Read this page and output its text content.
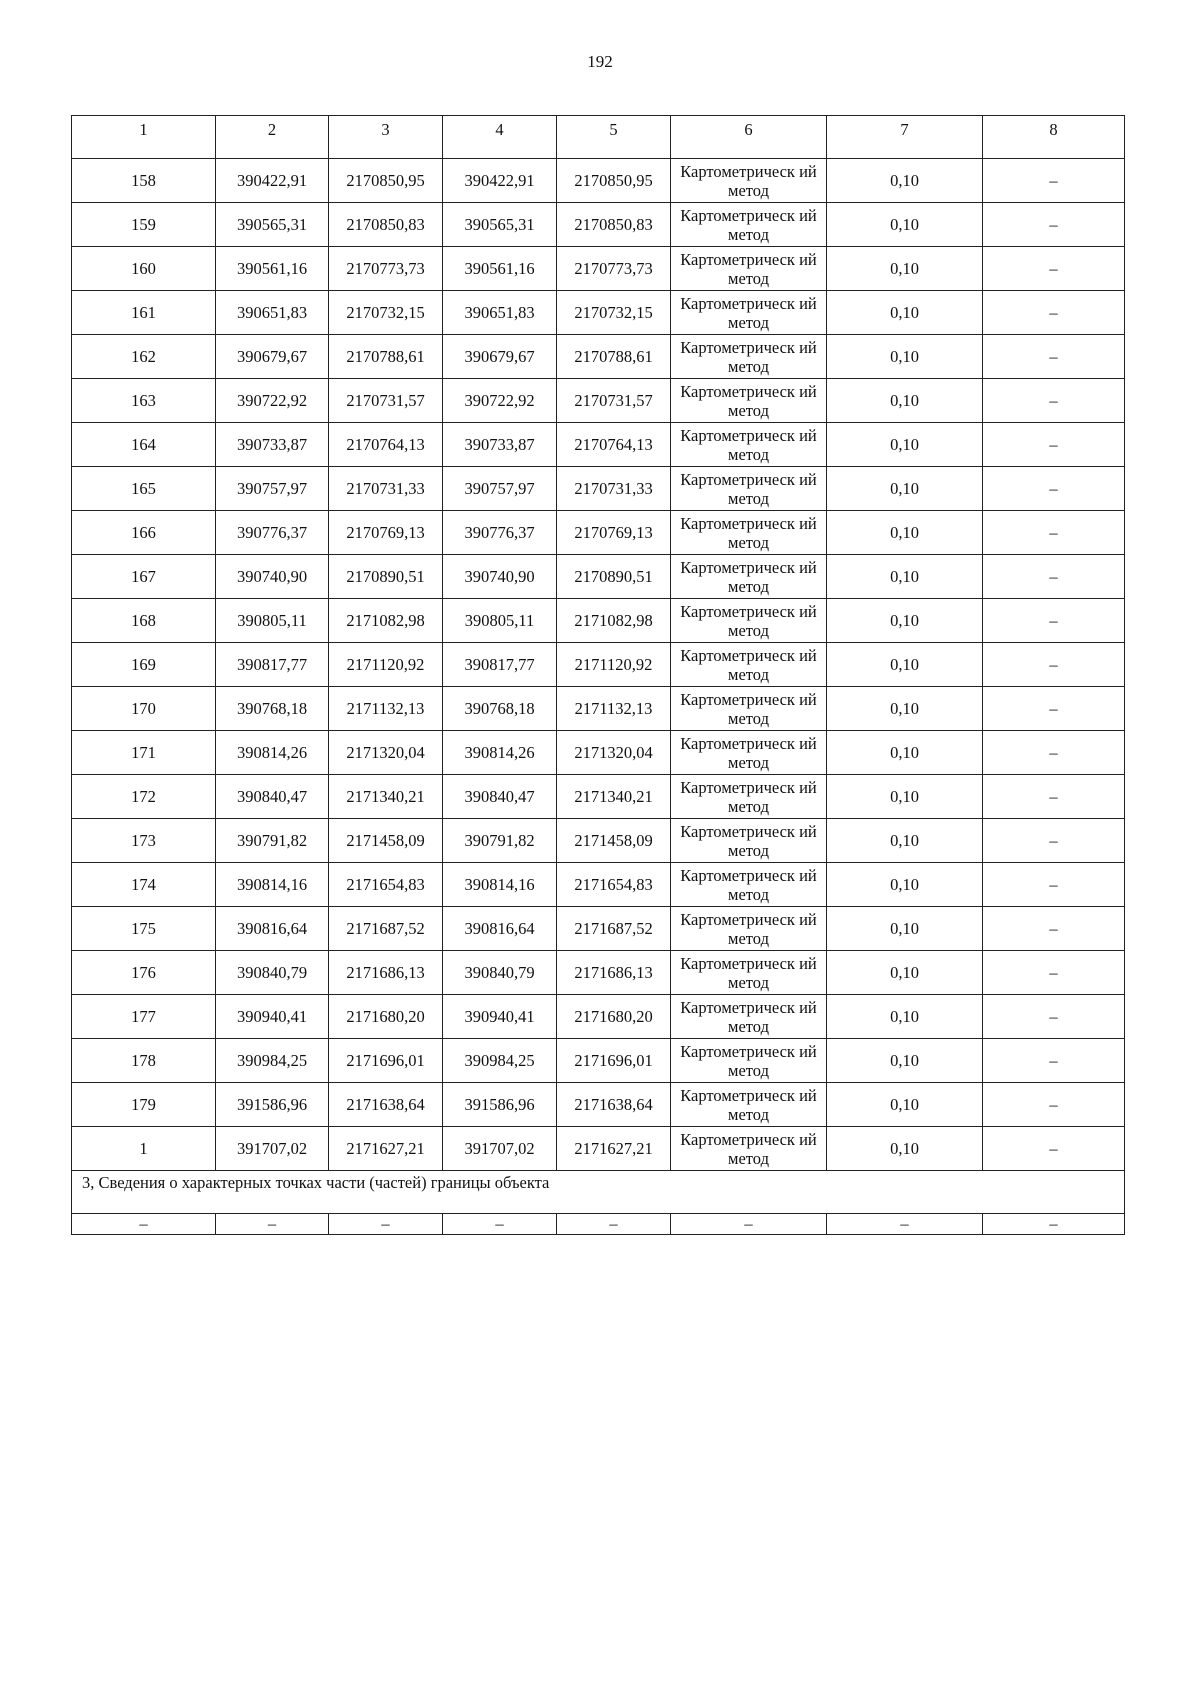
192
1	2	3	4	5	6	7	8
158	390422,91	2170850,95	390422,91	2170850,95	Картометрическ ий метод	0,10	–
159	390565,31	2170850,83	390565,31	2170850,83	Картометрическ ий метод	0,10	–
160	390561,16	2170773,73	390561,16	2170773,73	Картометрическ ий метод	0,10	–
161	390651,83	2170732,15	390651,83	2170732,15	Картометрическ ий метод	0,10	–
162	390679,67	2170788,61	390679,67	2170788,61	Картометрическ ий метод	0,10	–
163	390722,92	2170731,57	390722,92	2170731,57	Картометрическ ий метод	0,10	–
164	390733,87	2170764,13	390733,87	2170764,13	Картометрическ ий метод	0,10	–
165	390757,97	2170731,33	390757,97	2170731,33	Картометрическ ий метод	0,10	–
166	390776,37	2170769,13	390776,37	2170769,13	Картометрическ ий метод	0,10	–
167	390740,90	2170890,51	390740,90	2170890,51	Картометрическ ий метод	0,10	–
168	390805,11	2171082,98	390805,11	2171082,98	Картометрическ ий метод	0,10	–
169	390817,77	2171120,92	390817,77	2171120,92	Картометрическ ий метод	0,10	–
170	390768,18	2171132,13	390768,18	2171132,13	Картометрическ ий метод	0,10	–
171	390814,26	2171320,04	390814,26	2171320,04	Картометрическ ий метод	0,10	–
172	390840,47	2171340,21	390840,47	2171340,21	Картометрическ ий метод	0,10	–
173	390791,82	2171458,09	390791,82	2171458,09	Картометрическ ий метод	0,10	–
174	390814,16	2171654,83	390814,16	2171654,83	Картометрическ ий метод	0,10	–
175	390816,64	2171687,52	390816,64	2171687,52	Картометрическ ий метод	0,10	–
176	390840,79	2171686,13	390840,79	2171686,13	Картометрическ ий метод	0,10	–
177	390940,41	2171680,20	390940,41	2171680,20	Картометрическ ий метод	0,10	–
178	390984,25	2171696,01	390984,25	2171696,01	Картометрическ ий метод	0,10	–
179	391586,96	2171638,64	391586,96	2171638,64	Картометрическ ий метод	0,10	–
1	391707,02	2171627,21	391707,02	2171627,21	Картометрическ ий метод	0,10	–
3, Сведения о характерных точках части (частей) границы объекта							
–	–	–	–	–	–	–	–
